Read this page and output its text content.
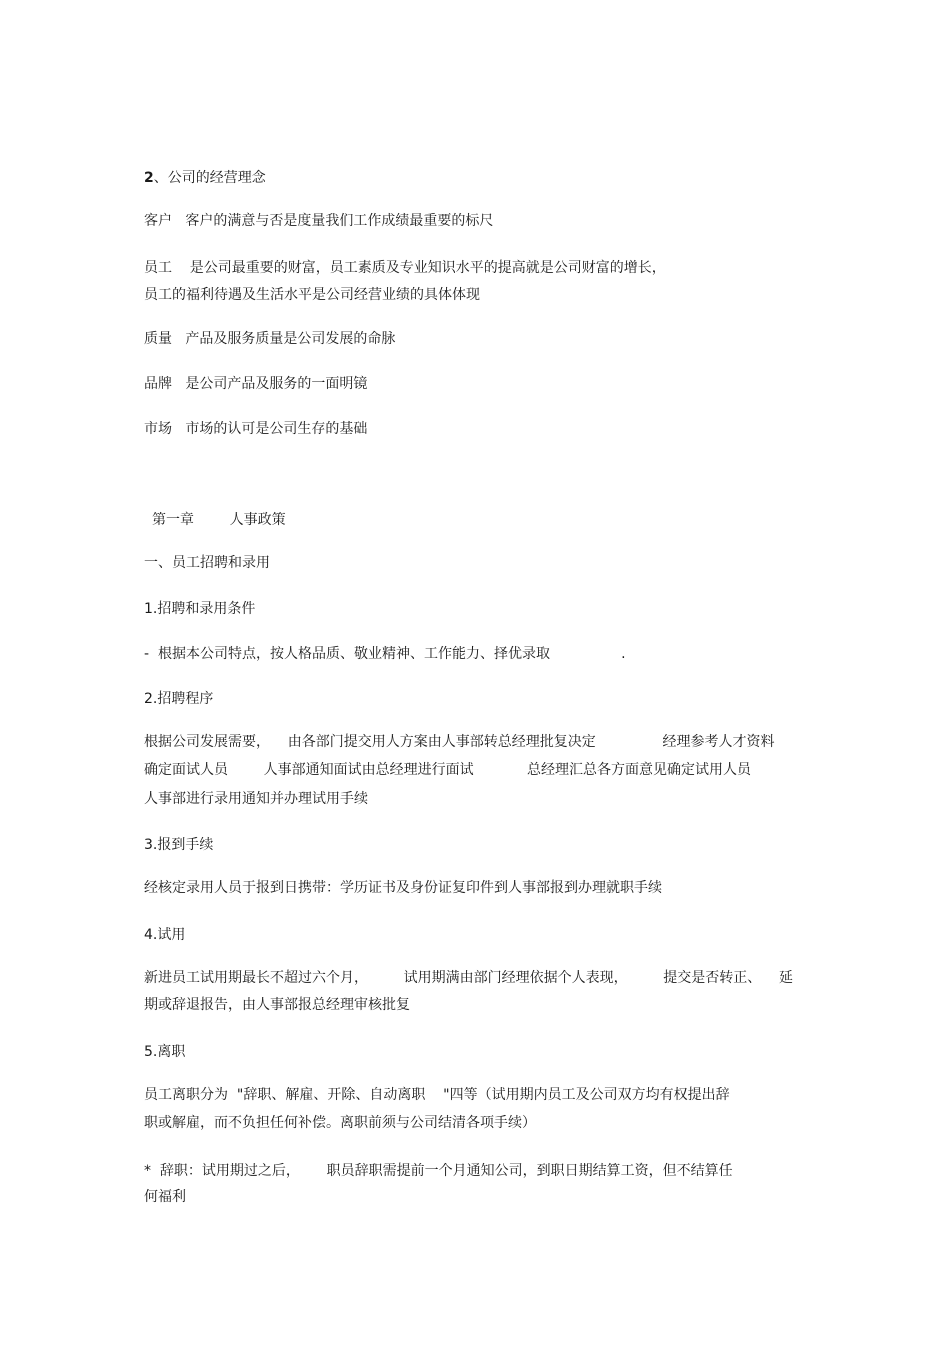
2、公司的经营理念
客户   客户的满意与否是度量我们工作成绩最重要的标尺
员工    是公司最重要的财富，员工素质及专业知识水平的提高就是公司财富的增长，
员工的福利待遇及生活水平是公司经营业绩的具体体现
质量   产品及服务质量是公司发展的命脉
品牌   是公司产品及服务的一面明镜
市场   市场的认可是公司生存的基础
第一章        人事政策
一、员工招聘和录用
1.招聘和录用条件
-  根据本公司特点，按人格品质、敬业精神、工作能力、择优录取                .
2.招聘程序
根据公司发展需要，    由各部门提交用人方案由人事部转总经理批复决定               经理参考人才资料
确定面试人员        人事部通知面试由总经理进行面试            总经理汇总各方面意见确定试用人员
人事部进行录用通知并办理试用手续
3.报到手续
经核定录用人员于报到日携带：学历证书及身份证复印件到人事部报到办理就职手续
4.试用
新进员工试用期最长不超过六个月，        试用期满由部门经理依据个人表现，        提交是否转正、    延
期或辞退报告，由人事部报总经理审核批复
5.离职
员工离职分为  "辞职、解雇、开除、自动离职    "四等（试用期内员工及公司双方均有权提出辞
职或解雇，而不负担任何补偿。离职前须与公司结清各项手续）
*  辞职：试用期过之后，      职员辞职需提前一个月通知公司，到职日期结算工资，但不结算任
何福利
